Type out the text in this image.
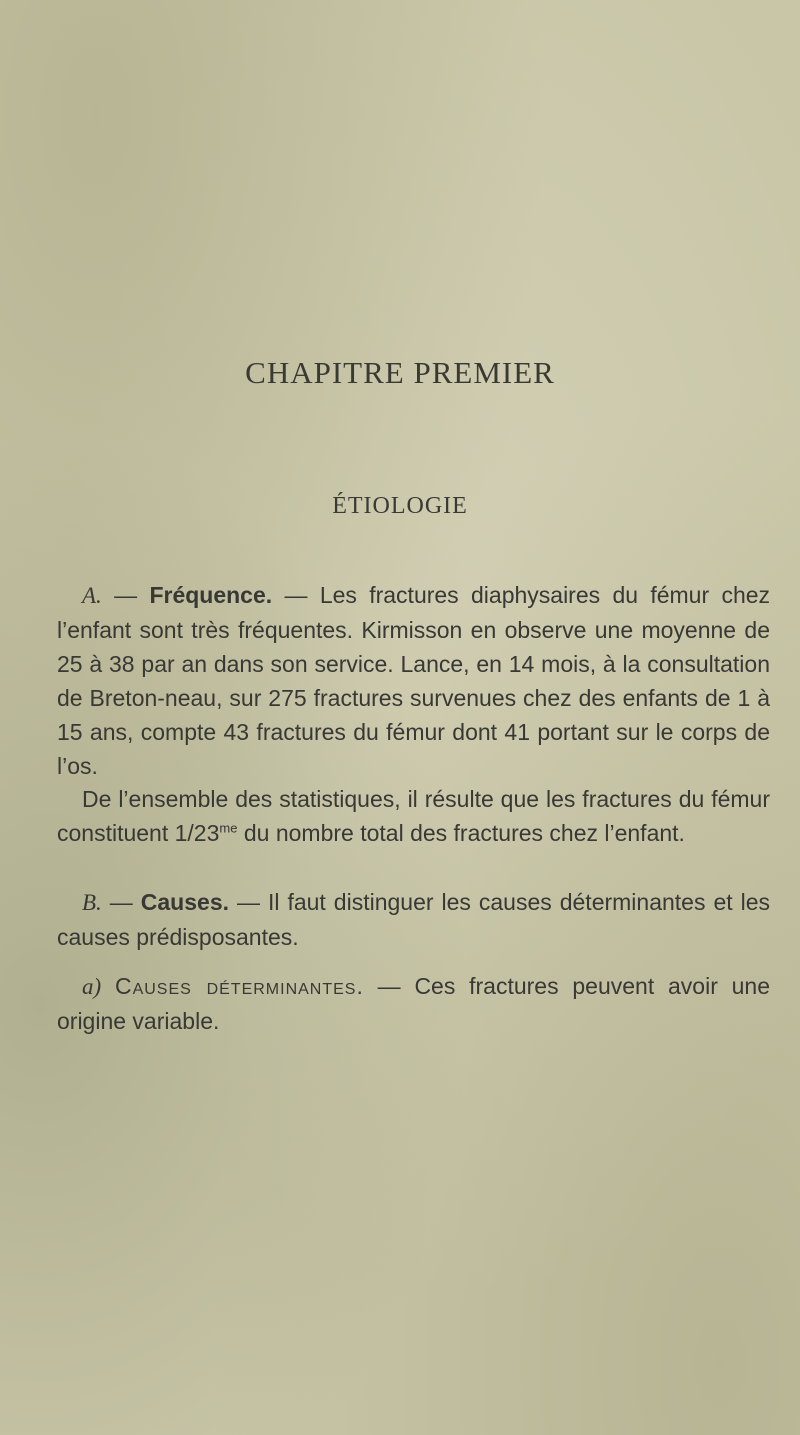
CHAPITRE PREMIER
ÉTIOLOGIE

A. — Fréquence. — Les fractures diaphysaires du fémur chez l’enfant sont très fréquentes. Kirmisson en observe une moyenne de 25 à 38 par an dans son service. Lance, en 14 mois, à la consultation de Breton-neau, sur 275 fractures survenues chez des enfants de 1 à 15 ans, compte 43 fractures du fémur dont 41 portant sur le corps de l’os.

De l’ensemble des statistiques, il résulte que les fractures du fémur constituent $1/23^{me}$ du nombre total des fractures chez l’enfant.

B. — Causes. — Il faut distinguer les causes déterminantes et les causes prédisposantes.

a) Causes déterminantes. — Ces fractures peuvent avoir une origine variable.
